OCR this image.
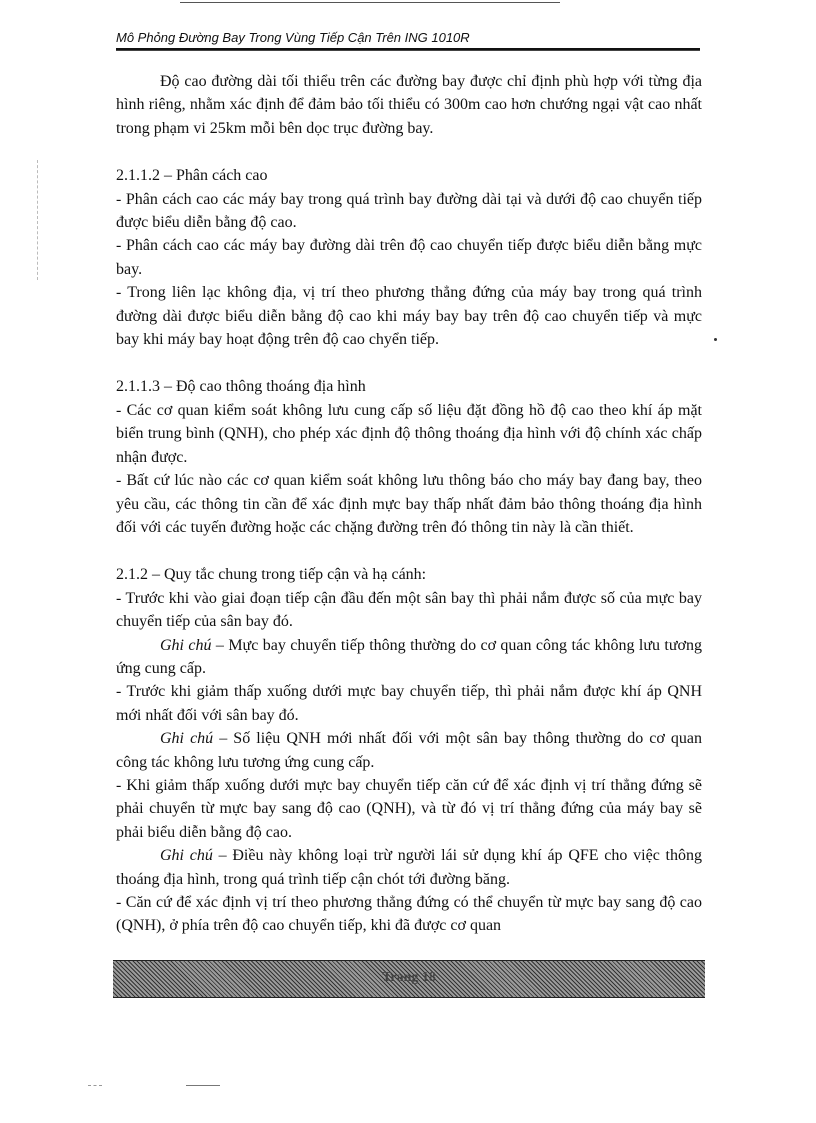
Mô Phỏng Đường Bay Trong Vùng Tiếp Cận Trên ING 1010R

Độ cao đường dài tối thiểu trên các đường bay được chỉ định phù hợp với từng địa hình riêng, nhằm xác định để đảm bảo tối thiểu có 300m cao hơn chướng ngại vật cao nhất trong phạm vi 25km mỗi bên dọc trục đường bay.

2.1.1.2 – Phân cách cao

- Phân cách cao các máy bay trong quá trình bay đường dài tại và dưới độ cao chuyển tiếp được biểu diễn bằng độ cao.

- Phân cách cao các máy bay đường dài trên độ cao chuyển tiếp được biểu diễn bằng mực bay.

- Trong liên lạc không địa, vị trí theo phương thẳng đứng của máy bay trong quá trình đường dài được biểu diễn bằng độ cao khi máy bay bay trên độ cao chuyển tiếp và mực bay khi máy bay hoạt động trên độ cao chyển tiếp.

2.1.1.3 – Độ cao thông thoáng địa hình

- Các cơ quan kiểm soát không lưu cung cấp số liệu đặt đồng hồ độ cao theo khí áp mặt biển trung bình (QNH), cho phép xác định độ thông thoáng địa hình với độ chính xác chấp nhận được.

- Bất cứ lúc nào các cơ quan kiểm soát không lưu thông báo cho máy bay đang bay, theo yêu cầu, các thông tin cần để xác định mực bay thấp nhất đảm bảo thông thoáng địa hình đối với các tuyến đường hoặc các chặng đường trên đó thông tin này là cần thiết.

2.1.2 – Quy tắc chung trong tiếp cận và hạ cánh:

- Trước khi vào giai đoạn tiếp cận đầu đến một sân bay thì phải nắm được số của mực bay chuyển tiếp của sân bay đó.

Ghi chú – Mực bay chuyển tiếp thông thường do cơ quan công tác không lưu tương ứng cung cấp.

- Trước khi giảm thấp xuống dưới mực bay chuyển tiếp, thì phải nắm được khí áp QNH mới nhất đối với sân bay đó.

Ghi chú – Số liệu QNH mới nhất đối với một sân bay thông thường do cơ quan công tác không lưu tương ứng cung cấp.

- Khi giảm thấp xuống dưới mực bay chuyển tiếp căn cứ để xác định vị trí thẳng đứng sẽ phải chuyển từ mực bay sang độ cao (QNH), và từ đó vị trí thẳng đứng của máy bay sẽ phải biểu diễn bằng độ cao.

Ghi chú – Điều này không loại trừ người lái sử dụng khí áp QFE cho việc thông thoáng địa hình, trong quá trình tiếp cận chót tới đường băng.

- Căn cứ để xác định vị trí theo phương thẳng đứng có thể chuyển từ mực bay sang độ cao (QNH), ở phía trên độ cao chuyển tiếp, khi đã được cơ quan

Trang 18
